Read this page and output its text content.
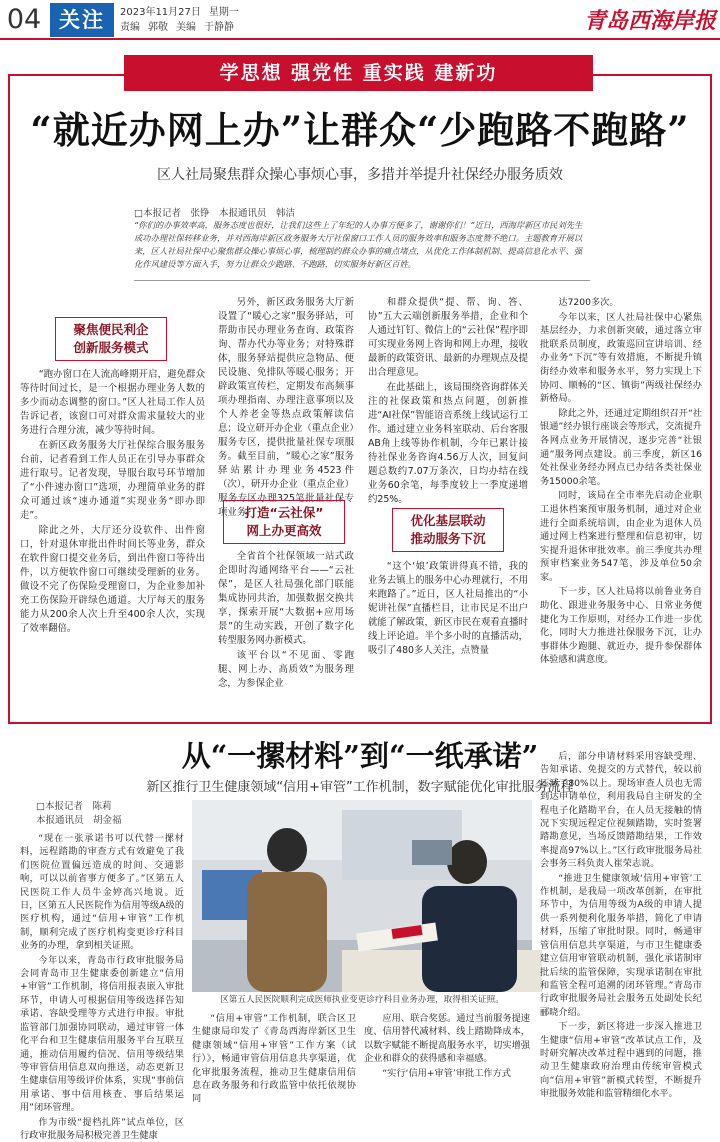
04 关注	2023年11月27日 星期一
责编 郭敬 美编 于静静	青岛西海岸报
学思想 强党性 重实践 建新功
“就近办网上办”让群众“少跑路不跑路”
区人社局聚焦群众操心事烦心事，多措并举提升社保经办服务质效
□本报记者　张铮　本报通讯员　韩洁
“你们的办事效率高，服务态度也很好，让我们这些上了年纪的人办事方便多了，谢谢你们！”近日，西海岸新区市民刘先生成功办理社保转移业务，并对西海岸新区政务服务大厅社保窗口工作人员的服务效率和服务态度赞不绝口。主题教育开展以来，区人社局社保中心聚焦群众操心事烦心事，梳理制约群众办事的痛点堵点，从优化工作体制机制、提高信息化水平、强化作风建设等方面入手，努力让群众少跑路、不跑路，切实服务好新区百姓。
聚焦便民利企
创新服务模式

“跑办窗口在人流高峰期开启，避免群众等待时间过长，是一个根据办理业务人数的多少而动态调整的窗口。”区人社局工作人员告诉记者，该窗口可对群众需求量较大的业务进行合理分流，减少等待时间。

在新区政务服务大厅社保综合服务服务台前，记者看到工作人员正在引导办事群众进行取号。记者发现，导服台取号环节增加了“小件速办窗口”选项，办理简单业务的群众可通过该“速办通道”实现业务“即办即走”。

除此之外，大厅还分设软件、出件窗口，针对退休审批出件时间长等业务，群众在软件窗口提交业务后，到出件窗口等待出件，以方便软件窗口可继续受理新的业务。做设不完了伤保险受理窗口，为企业参加补充工伤保险开辟绿色通道。大厅每天的服务能力从200余人次上升至400余人次，实现了效率翻倍。

另外，新区政务服务大厅新设置了“暖心之家”服务驿站，可帮助市民办理业务查询、政策咨询、帮办代办等业务；对特殊群体，服务驿站提供应急物品、便民设施、免排队等暖心服务；开辟政策宣传栏，定期发布高频事项办理指南、办理注意事项以及个人养老金等热点政策解读信息；设立研开办企业（重点企业）服务专区，提供批量社保专项服务。截至目前，“暖心之家”服务驿站累计办理业务4523件（次），研开办企业（重点企业）服务专区办理325笔批量社保专项业务。

打造“云社保”
网上办更高效

全省首个社保领域一站式政企即时沟通网络平台——“云社保”，是区人社局强化部门联能集成协同共治，加强数据交换共享，探索开展“大数据+应用场景”的生动实践，开创了数字化转型服务网办新模式。

该平台以“不见面、零跑腿、网上办、高质效”为服务理念，为参保企业

和群众提供“提、帮、询、答、协”五大云端创新服务举措，企业和个人通过钉钉、微信上的“云社保”程序即可实现业务网上咨询和网上办理，接收最新的政策资讯、最新的办理规点及提出合理意见。

在此基础上，该局围绕咨询群体关注的社保政策和热点问题，创新推进“AI社保”智能语音系统上线试运行工作。通过建立业务料室联动、后台客服AB角上线等协作机制，今年已累计接待社保业务咨询4.56万人次，回复问题总数约7.07万条次，日均办结在线业务60余笔，每季度较上一季度递增约25%。

优化基层联动
推动服务下沉

“这个‘娘’政策讲得真不错，我的业务去镇上的服务中心办理就行，不用来跑路了。”近日，区人社局推出的“小妮讲社保”直播栏目，让市民足不出户就能了解政策，新区市民在观看直播时线上评论道。半个多小时的直播活动，吸引了480多人关注，点赞量

达7200多次。

今年以来，区人社局社保中心紧焦基层经办，力求创新突破，通过落立审批联系员制度，政策巡回宣讲培训、经办业务“下沉”等有效措施，不断提升镇街经办效率和服务水平，努力实现上下协同、顺畅的“区、镇街”两级社保经办新格局。

除此之外，还通过定期组织召开“社银通”经办银行座谈会等形式，交流提升各网点业务开展情况，逐步完善“社银通”服务网点建设。前三季度，新区16处社保业务经办网点已办结各类社保业务15000余笔。

同时，该局在全市率先启动企业职工退休档案预审服务机制，通过对企业进行全面系统培训，由企业为退休人员通过网上档案进行整理和信息初审，切实提升退休审批效率。前三季度共办理预审档案业务547笔，涉及单位50余家。

下一步，区人社局将以前鲁业务自助化、跟进业务服务中心、日常业务便捷化为工作原则，对经办工作进一步优化，同时大力推进社保服务下沉，让办事群体少跑腿、就近办，提升参保群体体验感和满意度。

从“一摞材料”到“一纸承诺”
新区推行卫生健康领域“信用+审管”工作机制，数字赋能优化审批服务流程
□本报记者　陈莉
本报通讯员　胡金福

“现在一张承诺书可以代替一摞材料，远程踏勘的审查方式有效避免了我们医院位置偏远造成的时间、交通影响，可以以前省事方便多了。”区第五人民医院工作人员牛金婷高兴地说。近日，区第五人民医院作为信用等级A级的医疗机构，通过“信用+审管”工作机制，顺利完成了医疗机构变更诊疗科目业务的办理，拿到相关证照。

今年以来，青岛市行政审批服务局会同青岛市卫生健康委创新建立“信用+审管”工作机制，将信用报表嵌入审批环节，申请人可根据信用等级选择告知承诺、容缺受理等方式进行申报。审批监管部门加强协同联动，通过审管一体化平台和卫生健康信用服务平台互联互通，推动信用履约信况、信用等级结果等审管信用信息双向推送，动态更新卫生健康信用等级评价体系，实现“事前信用承诺、事中信用核查、事后结果运用”闭环管理。

作为市级“提档扎阵”试点单位，区行政审批服务局积极完善卫生健康

区第五人民医院顺利完成医师执业变更诊疗科目业务办理，取得相关证照。

“信用+审管”工作机制，联合区卫生健康局印发了《青岛西海岸新区卫生健康领域“信用+审管”工作方案（试行）》，畅通审管信用信息共享渠道，优化审批服务流程，推动卫生健康信用信息在政务服务和行政监管中依托依规协同

应用、联合奖惩。通过当前服务提速度、信用替代减材料、线上踏勘降成本，以数字赋能不断提高服务水平，切实增强企业和群众的获得感和幸福感。

“实行‘信用+审管’审批工作方式

后，部分申请材料采用容缺受理、告知承诺、免提交的方式替代，较以前压减了80%以上。现场审查人员也无需到达申请单位，利用我局自主研发的全程电子化踏勘平台，在人员无接触的情况下实现远程定位视频踏勘，实时签署踏勘意见，当场反馈踏勘结果，工作效率提高97%以上。”区行政审批服务局社会事务三科负责人崔荣志说。

“推进卫生健康领域‘信用+审管’工作机制，是我局一项改革创新，在审批环节中，为信用等级为A级的申请人提供一系列便利化服务举措，简化了申请材料，压缩了审批时限。同时，畅通审管信用信息共享渠道，与市卫生健康委建立信用审管联动机制，强化承诺制审批后续的监管保障，实现承诺制在审批和监管全程可追溯的闭环管理。”青岛市行政审批服务局社会服务五处副处长纪郦晓介绍。

下一步，新区将进一步深入推进卫生健康“信用+审管”改革试点工作，及时研究解决改革过程中遇到的问题，推动卫生健康政府治理由传统审管模式向“信用+审管”新模式转型，不断提升审批服务效能和监管精细化水平。
